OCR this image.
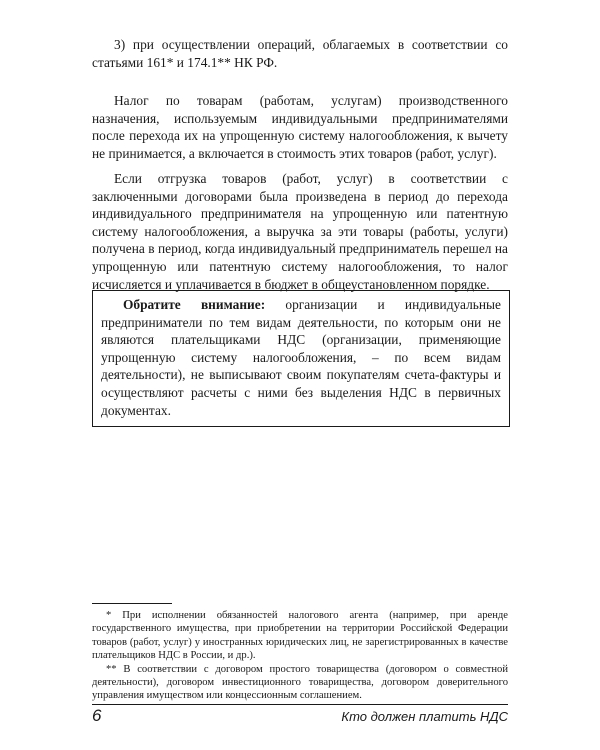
3) при осуществлении операций, облагаемых в соответствии со статьями 161* и 174.1** НК РФ.

Налог по товарам (работам, услугам) производственного назначения, используемым индивидуальными предпринимателями после перехода их на упрощенную систему налогообложения, к вычету не принимается, а включается в стоимость этих товаров (работ, услуг).

Если отгрузка товаров (работ, услуг) в соответствии с заключенными договорами была произведена в период до перехода индивидуального предпринимателя на упрощенную или патентную систему налогообложения, а выручка за эти товары (работы, услуги) получена в период, когда индивидуальный предприниматель перешел на упрощенную или патентную систему налогообложения, то налог исчисляется и уплачивается в бюджет в общеустановленном порядке.

Обратите внимание: организации и индивидуальные предприниматели по тем видам деятельности, по которым они не являются плательщиками НДС (организации, применяющие упрощенную систему налогообложения, – по всем видам деятельности), не выписывают своим покупателям счета-фактуры и осуществляют расчеты с ними без выделения НДС в первичных документах.

* При исполнении обязанностей налогового агента (например, при аренде государственного имущества, при приобретении на территории Российской Федерации товаров (работ, услуг) у иностранных юридических лиц, не зарегистрированных в качестве плательщиков НДС в России, и др.).

** В соответствии с договором простого товарищества (договором о совместной деятельности), договором инвестиционного товарищества, договором доверительного управления имуществом или концессионным соглашением.

6	Кто должен платить НДС
